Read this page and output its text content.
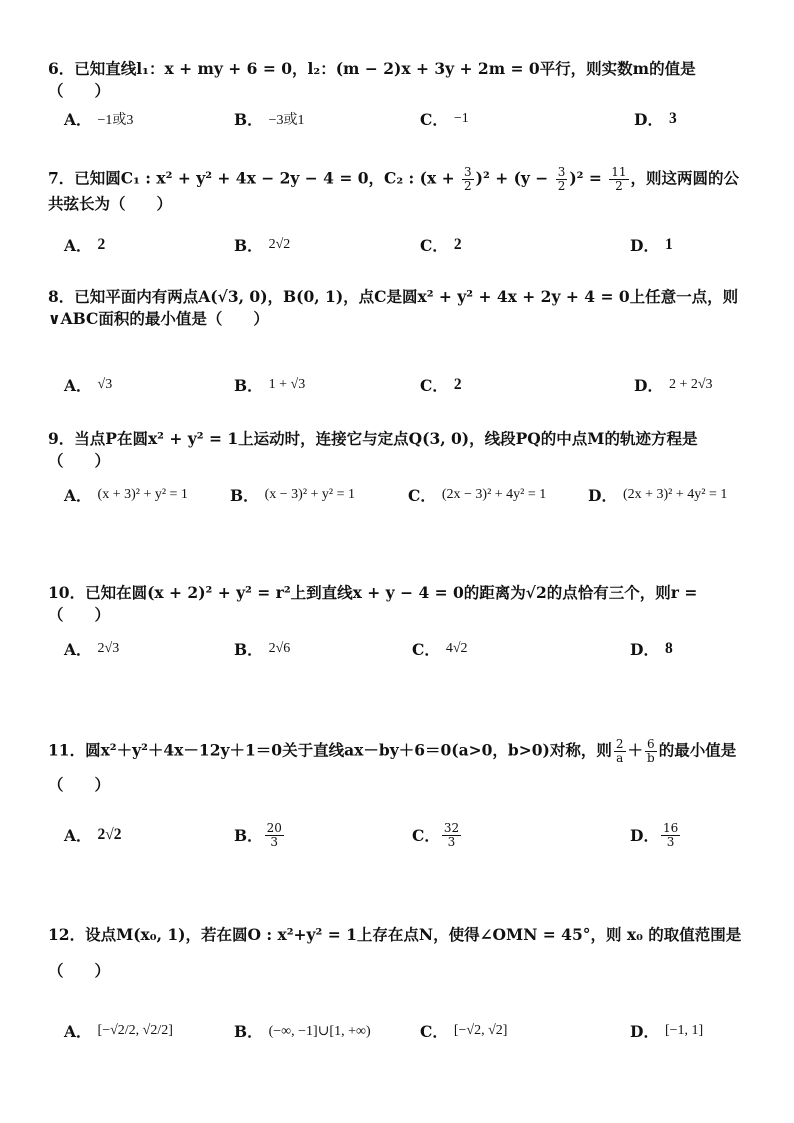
6．已知直线l₁：x + my + 6 = 0，l₂：(m − 2)x + 3y + 2m = 0平行，则实数m的值是（　　）
A． −1或3	B． −3或1	C． −1	D． 3
7．已知圆C₁ : x² + y² + 4x − 2y − 4 = 0，C₂ : $(x + \frac{3}{2} )^2 + (y - \frac{3}{2} )^2 = \frac{11}{2}$ ，则这两圆的公共弦长为（　　）
A． 2	B． 2√2	C． 2	D． 1
8．已知平面内有两点A(√3, 0)，B(0, 1)，点C是圆x² + y² + 4x + 2y + 4 = 0上任意一点，则∨ABC面积的最小值是（　　）
A． √3	B． 1 + √3	C． 2	D． 2 + 2√3
9．当点P在圆x² + y² = 1上运动时，连接它与定点Q(3, 0)，线段PQ的中点M的轨迹方程是（　　）
A． (x + 3)² + y² = 1	B． (x − 3)² + y² = 1	C． (2x − 3)² + 4y² = 1	D． (2x + 3)² + 4y² = 1
10．已知在圆(x + 2)² + y² = r²上到直线x + y − 4 = 0的距离为√2的点恰有三个，则r =（　　）
A． 2√3	B． 2√6	C． 4√2	D． 8
11．圆x²＋y²＋4x－12y＋1＝0关于直线ax－by＋6＝0(a>0，b>0)对称，则 $\frac{2}{a} + \frac{6}{b}$ 的最小值是
（　　）
A． 2√2	B． $\frac{20}{3}$	C． $\frac{32}{3}$	D． $\frac{16}{3}$
12．设点M(x₀, 1)，若在圆O : x²+y² = 1上存在点N，使得∠OMN = 45°，则 x₀ 的取值范围是
（　　）
A． [−√2/2, √2/2]	B． (−∞, −1]∪[1, +∞)	C． [−√2, √2]	D． [−1, 1]
